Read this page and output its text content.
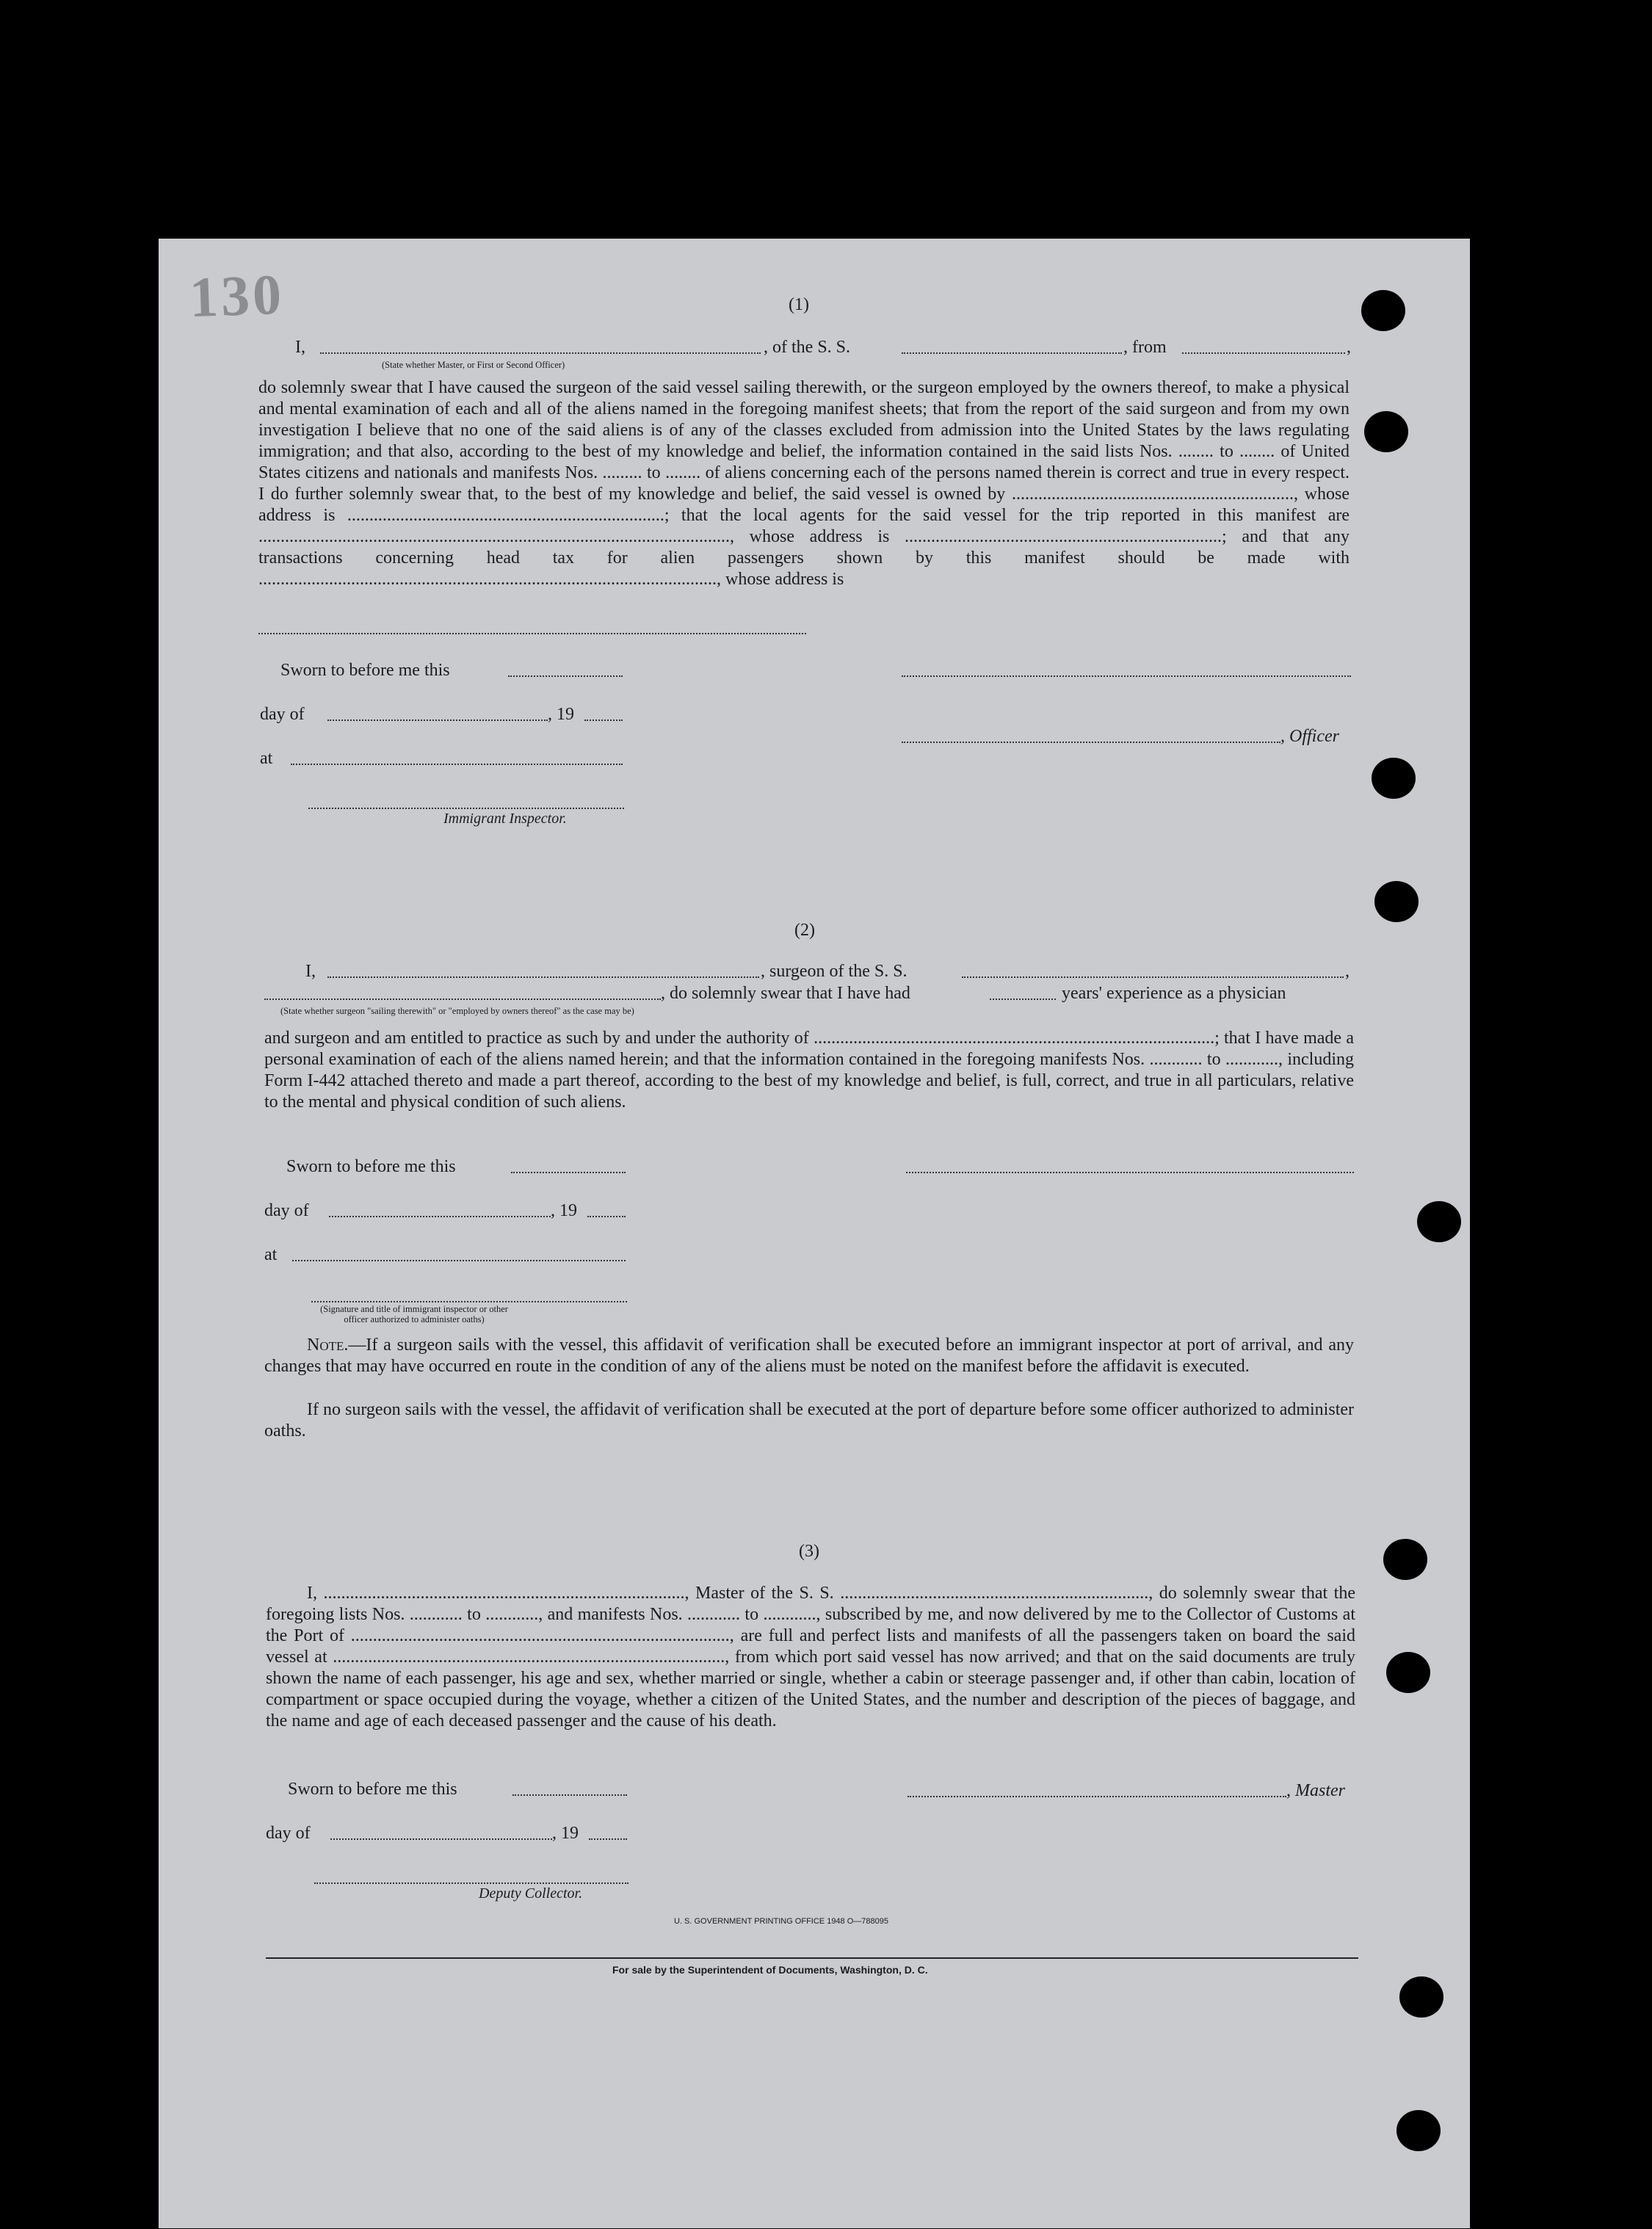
130	(1)
I,	, of the S. S.	, from	,
(State whether Master, or First or Second Officer)
do solemnly swear that I have caused the surgeon of the said vessel sailing therewith, or the surgeon employed by the owners thereof, to make a physical and mental examination of each and all of the aliens named in the foregoing manifest sheets; that from the report of the said surgeon and from my own investigation I believe that no one of the said aliens is of any of the classes excluded from admission into the United States by the laws regulating immigration; and that also, according to the best of my knowledge and belief, the information contained in the said lists Nos. ........ to ........ of United States citizens and nationals and manifests Nos. ......... to ........ of aliens concerning each of the persons named therein is correct and true in every respect. I do further solemnly swear that, to the best of my knowledge and belief, the said vessel is owned by ................................................................, whose address is ........................................................................; that the local agents for the said vessel for the trip reported in this manifest are ..........................................................................................................., whose address is ........................................................................; and that any transactions concerning head tax for alien passengers shown by this manifest should be made with ........................................................................................................, whose address is
Sworn to before me this
day of	, 19
, Officer
at
Immigrant Inspector.
(2)
I,	, surgeon of the S. S.	,
, do solemnly swear that I have had	years' experience as a physician
(State whether surgeon "sailing therewith" or "employed by owners thereof" as the case may be)
and surgeon and am entitled to practice as such by and under the authority of ...........................................................................................; that I have made a personal examination of each of the aliens named herein; and that the information contained in the foregoing manifests Nos. ............ to ............, including Form I-442 attached thereto and made a part thereof, according to the best of my knowledge and belief, is full, correct, and true in all particulars, relative to the mental and physical condition of such aliens.
Sworn to before me this
day of	, 19
at
(Signature and title of immigrant inspector or other officer authorized to administer oaths)
Note.—If a surgeon sails with the vessel, this affidavit of verification shall be executed before an immigrant inspector at port of arrival, and any changes that may have occurred en route in the condition of any of the aliens must be noted on the manifest before the affidavit is executed.
If no surgeon sails with the vessel, the affidavit of verification shall be executed at the port of departure before some officer authorized to administer oaths.
(3)
I, .................................................................................., Master of the S. S. ......................................................................, do solemnly swear that the foregoing lists Nos. ............ to ............, and manifests Nos. ............ to ............, subscribed by me, and now delivered by me to the Collector of Customs at the Port of ......................................................................................, are full and perfect lists and manifests of all the passengers taken on board the said vessel at ........................................................................................., from which port said vessel has now arrived; and that on the said documents are truly shown the name of each passenger, his age and sex, whether married or single, whether a cabin or steerage passenger and, if other than cabin, location of compartment or space occupied during the voyage, whether a citizen of the United States, and the number and description of the pieces of baggage, and the name and age of each deceased passenger and the cause of his death.
Sworn to before me this	, Master
day of	, 19
Deputy Collector.
U. S. GOVERNMENT PRINTING OFFICE 1948 O—788095
For sale by the Superintendent of Documents, Washington, D. C.
